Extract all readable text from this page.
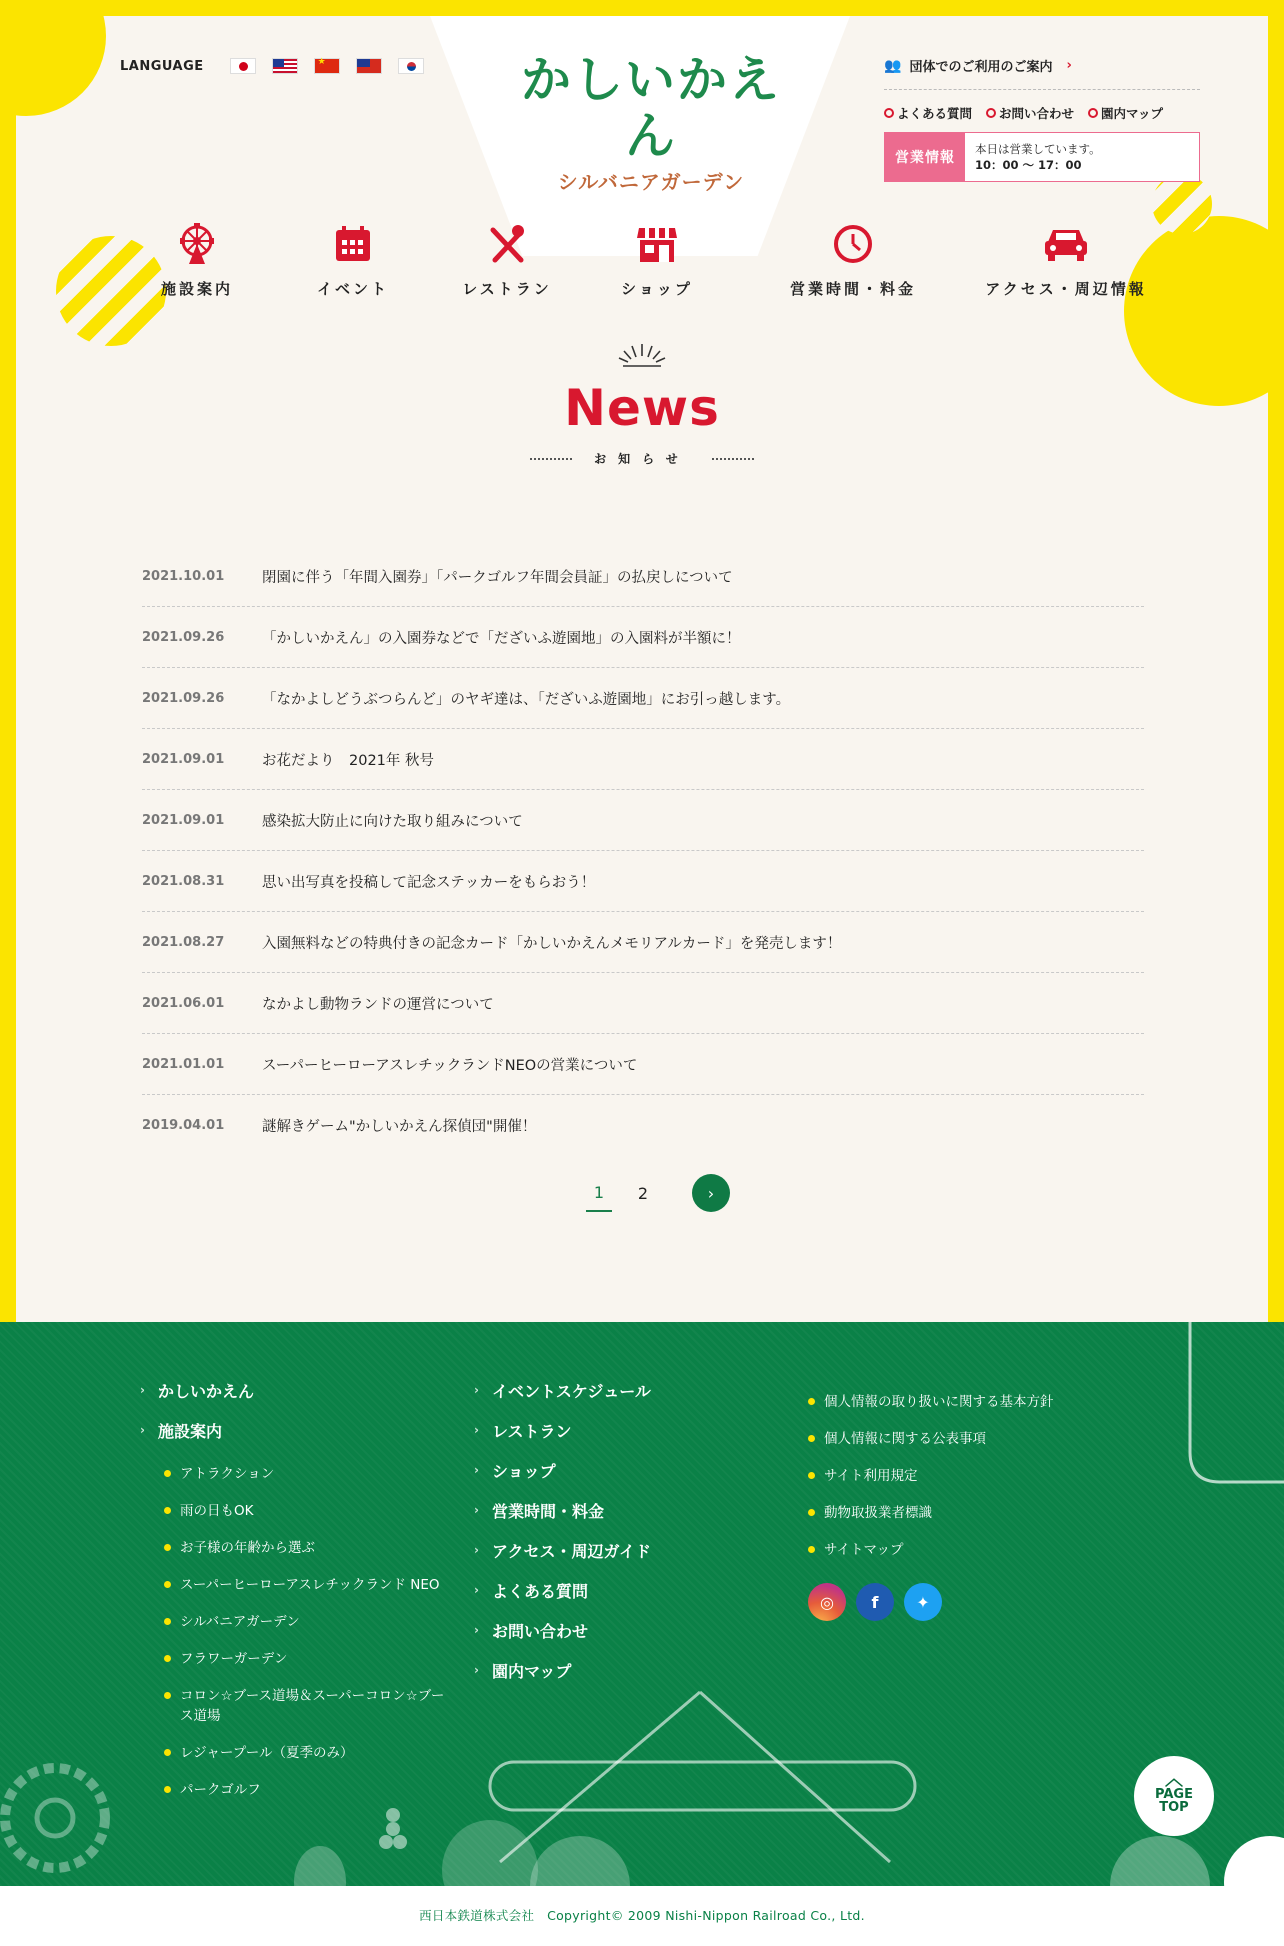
LANGUAGE
★	かしいかえん
シルバニアガーデン
👥 団体でのご利用のご案内 ›
よくある質問 お問い合わせ 園内マップ
営業情報
本日は営業しています。
10：00 ～ 17：00
施設案内	イベント	レストラン	ショップ	営業時間・料金	アクセス・周辺情報
News
お知らせ
2021.10.01	閉園に伴う「年間入園券」「パークゴルフ年間会員証」の払戻しについて
2021.09.26	「かしいかえん」の入園券などで「だざいふ遊園地」の入園料が半額に！
2021.09.26	「なかよしどうぶつらんど」のヤギ達は、「だざいふ遊園地」にお引っ越します。
2021.09.01	お花だより　2021年 秋号
2021.09.01	感染拡大防止に向けた取り組みについて
2021.08.31	思い出写真を投稿して記念ステッカーをもらおう！
2021.08.27	入園無料などの特典付きの記念カード「かしいかえんメモリアルカード」を発売します！
2021.06.01	なかよし動物ランドの運営について
2021.01.01	スーパーヒーローアスレチックランドNEOの営業について
2019.04.01	謎解きゲーム"かしいかえん探偵団"開催！
1	2	›
› かしいかえん
› 施設案内
アトラクション
雨の日もOK
お子様の年齢から選ぶ
スーパーヒーローアスレチックランド NEO
シルバニアガーデン
フラワーガーデン
コロン☆ブース道場＆スーパーコロン☆ブース道場
レジャープール（夏季のみ）
パークゴルフ
› イベントスケジュール
› レストラン
› ショップ
› 営業時間・料金
› アクセス・周辺ガイド
› よくある質問
› お問い合わせ
› 園内マップ
個人情報の取り扱いに関する基本方針
個人情報に関する公表事項
サイト利用規定
動物取扱業者標識
サイトマップ
◎	f	✦
︿
PAGE
TOP
西日本鉄道株式会社　Copyright© 2009 Nishi-Nippon Railroad Co., Ltd.
